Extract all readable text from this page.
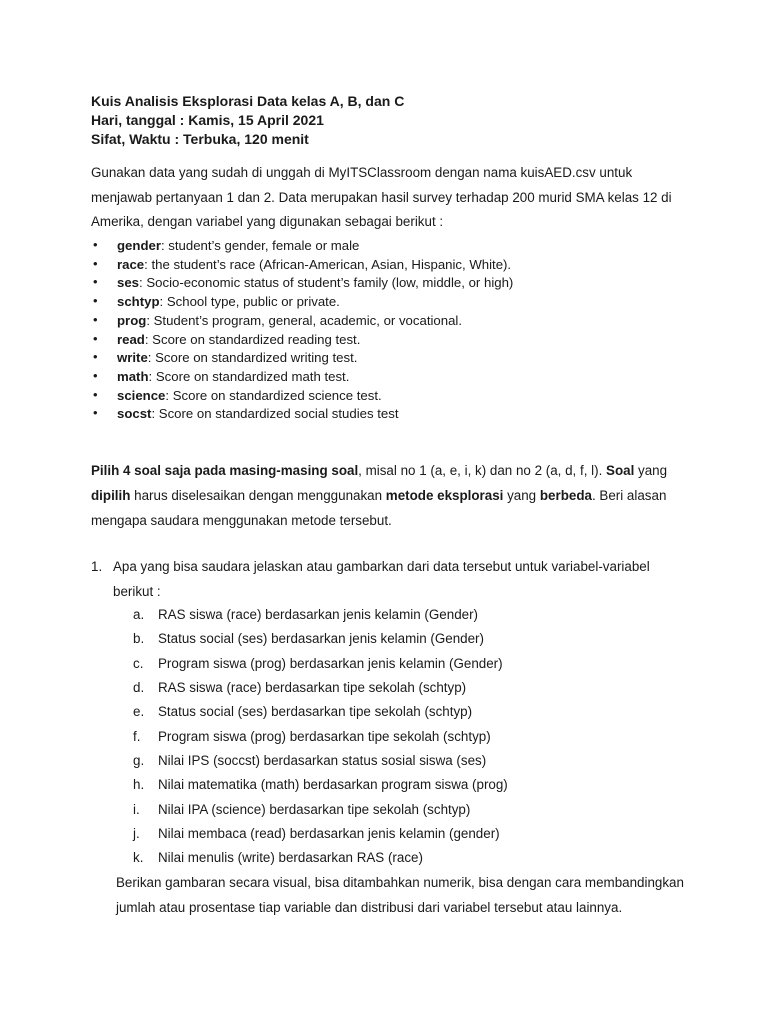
Kuis Analisis Eksplorasi Data kelas A, B, dan C
Hari, tanggal : Kamis, 15 April 2021
Sifat, Waktu : Terbuka, 120 menit
Gunakan data yang sudah di unggah di MyITSClassroom dengan nama kuisAED.csv untuk menjawab pertanyaan 1 dan 2. Data merupakan hasil survey terhadap 200 murid SMA kelas 12 di Amerika, dengan variabel yang digunakan sebagai berikut :
• gender: student’s gender, female or male
• race: the student’s race (African-American, Asian, Hispanic, White).
• ses: Socio-economic status of student’s family (low, middle, or high)
• schtyp: School type, public or private.
• prog: Student’s program, general, academic, or vocational.
• read: Score on standardized reading test.
• write: Score on standardized writing test.
• math: Score on standardized math test.
• science: Score on standardized science test.
• socst: Score on standardized social studies test
Pilih 4 soal saja pada masing-masing soal, misal no 1 (a, e, i, k) dan no 2 (a, d, f, l). Soal yang dipilih harus diselesaikan dengan menggunakan metode eksplorasi yang berbeda. Beri alasan mengapa saudara menggunakan metode tersebut.
1. Apa yang bisa saudara jelaskan atau gambarkan dari data tersebut untuk variabel-variabel
berikut :
a. RAS siswa (race) berdasarkan jenis kelamin (Gender)
b. Status social (ses) berdasarkan jenis kelamin (Gender)
c. Program siswa (prog) berdasarkan jenis kelamin (Gender)
d. RAS siswa (race) berdasarkan tipe sekolah (schtyp)
e. Status social (ses) berdasarkan tipe sekolah (schtyp)
f. Program siswa (prog) berdasarkan tipe sekolah (schtyp)
g. Nilai IPS (soccst) berdasarkan status sosial siswa (ses)
h. Nilai matematika (math) berdasarkan program siswa (prog)
i. Nilai IPA (science) berdasarkan tipe sekolah (schtyp)
j. Nilai membaca (read) berdasarkan jenis kelamin (gender)
k. Nilai menulis (write) berdasarkan RAS (race)
Berikan gambaran secara visual, bisa ditambahkan numerik, bisa dengan cara membandingkan jumlah atau prosentase tiap variable dan distribusi dari variabel tersebut atau lainnya.
